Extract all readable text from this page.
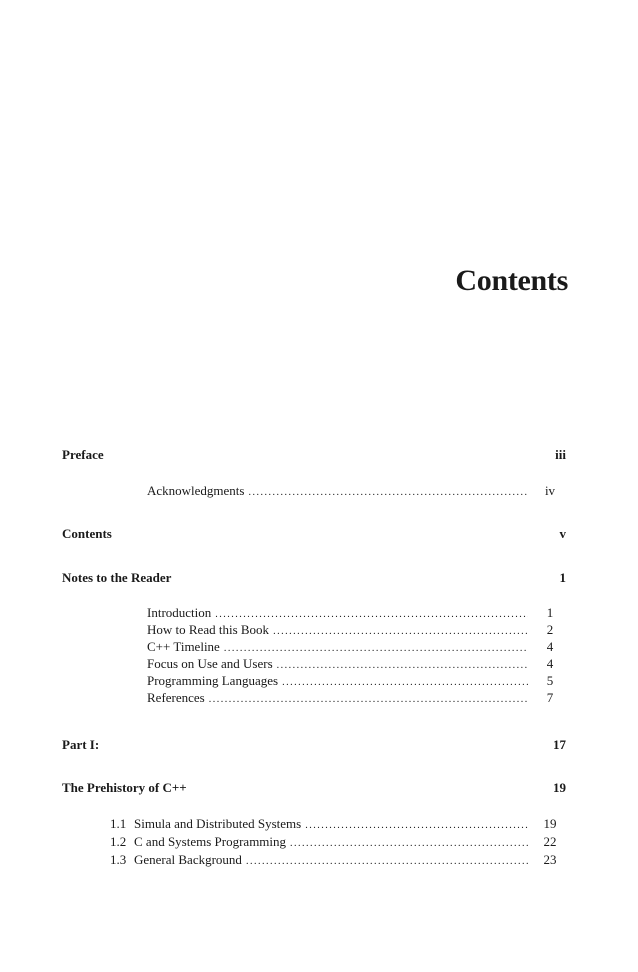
Contents
Preface	iii
Acknowledgments .....	iv
Contents	v
Notes to the Reader	1
Introduction .....	1
How to Read this Book .....	2
C++ Timeline .....	4
Focus on Use and Users .....	4
Programming Languages .....	5
References .....	7
Part I:	17
The Prehistory of C++	19
1.1 Simula and Distributed Systems .....	19
1.2 C and Systems Programming .....	22
1.3 General Background .....	23
